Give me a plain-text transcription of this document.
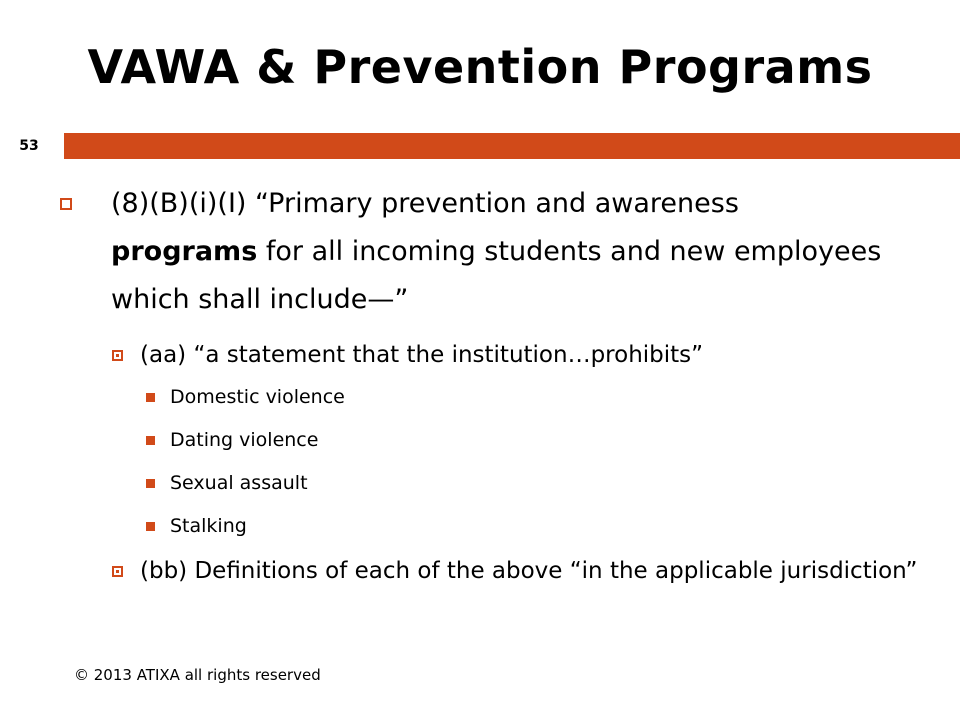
VAWA & Prevention Programs
53
(8)(B)(i)(I) “Primary prevention and awareness
programs for all incoming students and new employees which shall include—”
(aa) “a statement that the institution…prohibits”
Domestic violence
Dating violence
Sexual assault
Stalking
(bb) Definitions of each of the above “in the applicable jurisdiction”
© 2013 ATIXA all rights reserved
